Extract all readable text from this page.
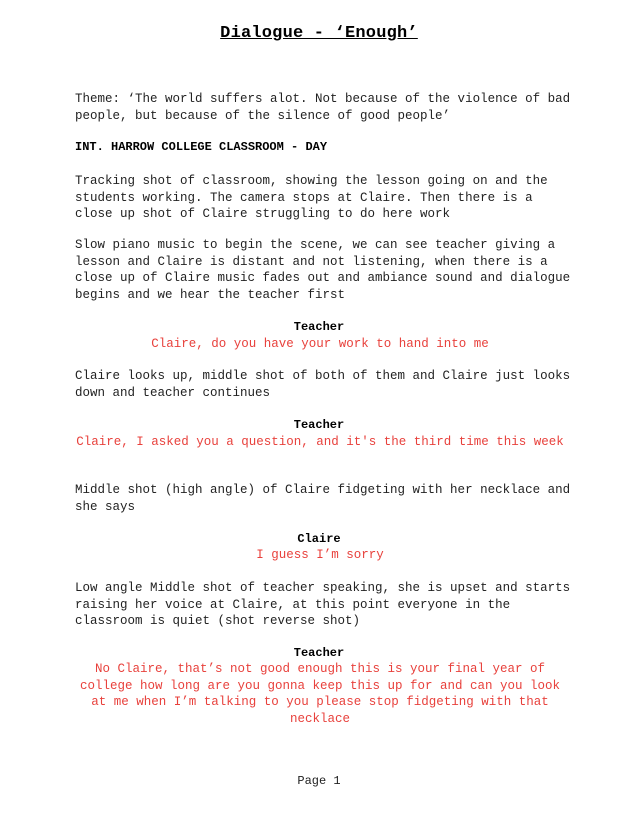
Dialogue - ‘Enough’
Theme: ‘The world suffers alot. Not because of the violence of bad people, but because of the silence of good people’
INT. HARROW COLLEGE CLASSROOM - DAY
Tracking shot of classroom, showing the lesson going on and the students working. The camera stops at Claire. Then there is a close up shot of Claire struggling to do here work
Slow piano music to begin the scene, we can see teacher giving a lesson and Claire is distant and not listening, when there is a close up of Claire music fades out and ambiance sound and dialogue begins and we hear the teacher first
Teacher
Claire, do you have your work to hand into me
Claire looks up, middle shot of both of them and Claire just looks down and teacher continues
Teacher
Claire, I asked you a question, and it's the third time this week
Middle shot (high angle) of Claire fidgeting with her necklace and she says
Claire
I guess I’m sorry
Low angle Middle shot of teacher speaking, she is upset and starts raising her voice at Claire, at this point everyone in the classroom is quiet (shot reverse shot)
Teacher
No Claire, that’s not good enough this is your final year of college how long are you gonna keep this up for and can you look at me when I’m talking to you please stop fidgeting with that necklace
Page 1
